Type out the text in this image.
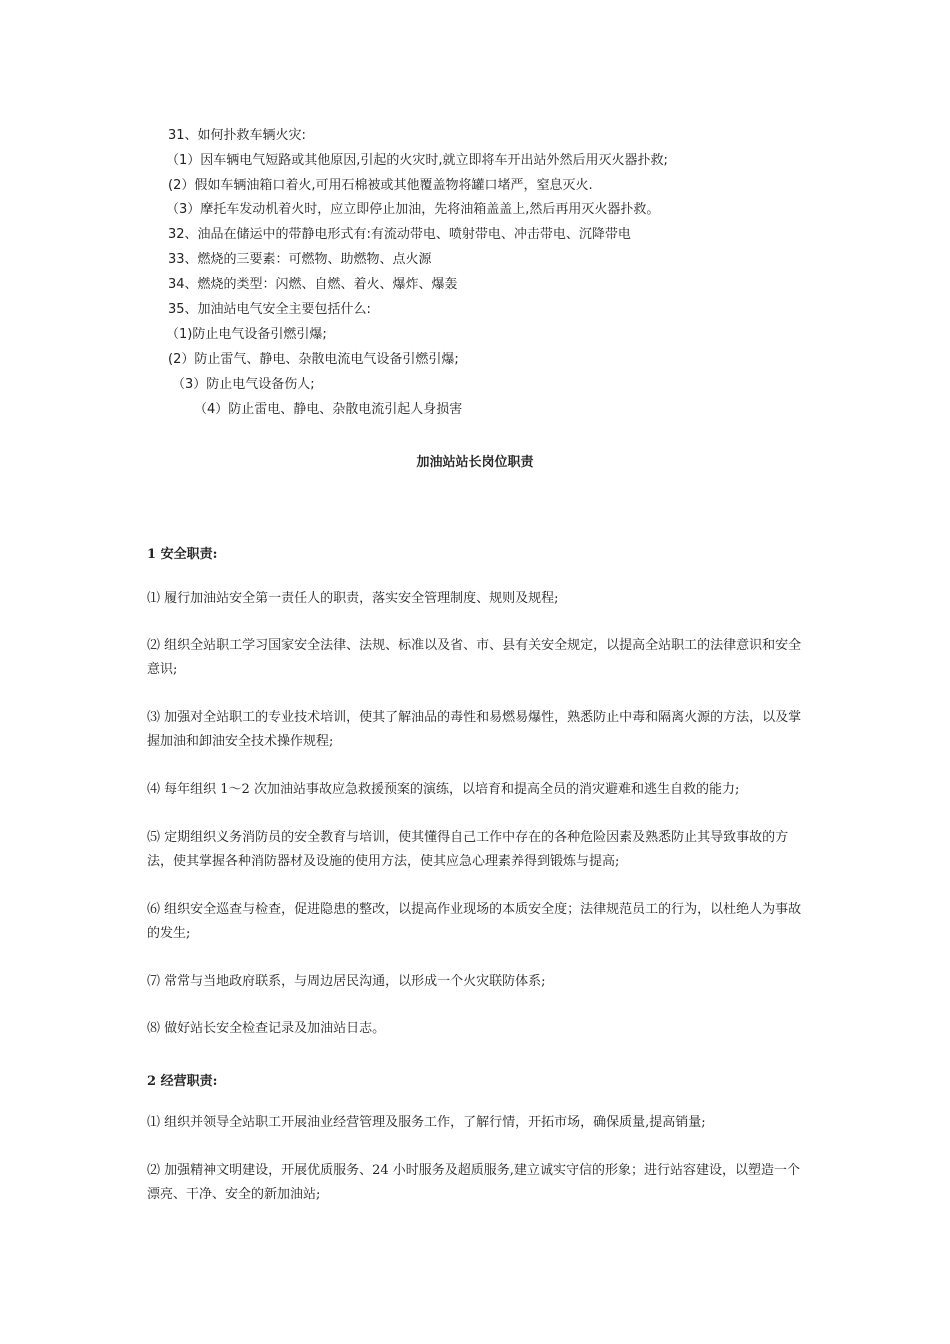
31、如何扑救车辆火灾:
（1）因车辆电气短路或其他原因,引起的火灾时,就立即将车开出站外然后用灭火器扑救;
(2）假如车辆油箱口着火,可用石棉被或其他覆盖物将罐口堵严，窒息灭火.
（3）摩托车发动机着火时，应立即停止加油，先将油箱盖盖上,然后再用灭火器扑救。
32、油品在储运中的带静电形式有:有流动带电、喷射带电、冲击带电、沉降带电
33、燃烧的三要素：可燃物、助燃物、点火源
34、燃烧的类型：闪燃、自燃、着火、爆炸、爆轰
35、加油站电气安全主要包括什么:
（1)防止电气设备引燃引爆;
(2）防止雷气、静电、杂散电流电气设备引燃引爆;
（3）防止电气设备伤人;
（4）防止雷电、静电、杂散电流引起人身损害
加油站站长岗位职责
1 安全职责:
⑴ 履行加油站安全第一责任人的职责，落实安全管理制度、规则及规程;
⑵ 组织全站职工学习国家安全法律、法规、标准以及省、市、县有关安全规定，以提高全站职工的法律意识和安全意识;
⑶ 加强对全站职工的专业技术培训，使其了解油品的毒性和易燃易爆性，熟悉防止中毒和隔离火源的方法，以及掌握加油和卸油安全技术操作规程;
⑷ 每年组织 1～2 次加油站事故应急救援预案的演练，以培育和提高全员的消灾避难和逃生自救的能力;
⑸ 定期组织义务消防员的安全教育与培训，使其懂得自己工作中存在的各种危险因素及熟悉防止其导致事故的方法，使其掌握各种消防器材及设施的使用方法，使其应急心理素养得到锻炼与提高;
⑹ 组织安全巡查与检查，促进隐患的整改，以提高作业现场的本质安全度；法律规范员工的行为，以杜绝人为事故的发生;
⑺ 常常与当地政府联系，与周边居民沟通，以形成一个火灾联防体系;
⑻ 做好站长安全检查记录及加油站日志。
2 经营职责:
⑴ 组织并领导全站职工开展油业经营管理及服务工作，了解行情，开拓市场，确保质量,提高销量;
⑵ 加强精神文明建设，开展优质服务、24 小时服务及超质服务,建立诚实守信的形象；进行站容建设，以塑造一个漂亮、干净、安全的新加油站;
